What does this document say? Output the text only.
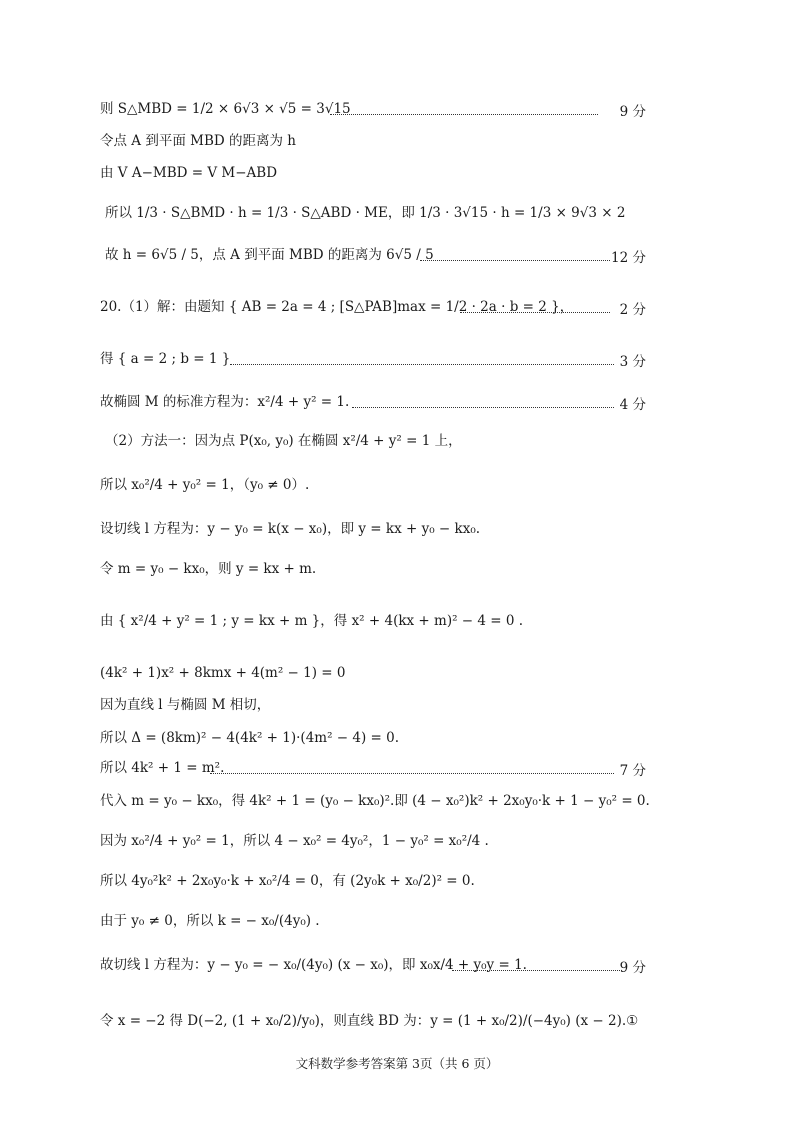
则 S△MBD = 1/2 × 6√3 × √5 = 3√15	9 分
令点 A 到平面 MBD 的距离为 h
由 V A−MBD = V M−ABD
所以 1/3 · S△BMD · h = 1/3 · S△ABD · ME，即 1/3 · 3√15 · h = 1/3 × 9√3 × 2
故 h = 6√5 / 5，点 A 到平面 MBD 的距离为 6√5 / 5	12 分
20.（1）解：由题知 { AB = 2a = 4 ; [S△PAB]max = 1/2 · 2a · b = 2 }，	2 分
得 { a = 2 ; b = 1 }	3 分
故椭圆 M 的标准方程为：x²/4 + y² = 1.	4 分
（2）方法一：因为点 P(x₀, y₀) 在椭圆 x²/4 + y² = 1 上，
所以 x₀²/4 + y₀² = 1，（y₀ ≠ 0）.
设切线 l 方程为：y − y₀ = k(x − x₀)，即 y = kx + y₀ − kx₀.
令 m = y₀ − kx₀，则 y = kx + m.
由 { x²/4 + y² = 1 ; y = kx + m }，得 x² + 4(kx + m)² − 4 = 0 .
(4k² + 1)x² + 8kmx + 4(m² − 1) = 0
因为直线 l 与椭圆 M 相切，
所以 Δ = (8km)² − 4(4k² + 1)·(4m² − 4) = 0.
所以 4k² + 1 = m².	7 分
代入 m = y₀ − kx₀，得 4k² + 1 = (y₀ − kx₀)².即 (4 − x₀²)k² + 2x₀y₀·k + 1 − y₀² = 0.
因为 x₀²/4 + y₀² = 1，所以 4 − x₀² = 4y₀²，1 − y₀² = x₀²/4 .
所以 4y₀²k² + 2x₀y₀·k + x₀²/4 = 0，有 (2y₀k + x₀/2)² = 0.
由于 y₀ ≠ 0，所以 k = − x₀/(4y₀) .
故切线 l 方程为：y − y₀ = − x₀/(4y₀) (x − x₀)，即 x₀x/4 + y₀y = 1.	9 分
令 x = −2 得 D(−2, (1 + x₀/2)/y₀)，则直线 BD 为：y = (1 + x₀/2)/(−4y₀) (x − 2).①
文科数学参考答案第 3页（共 6 页）
